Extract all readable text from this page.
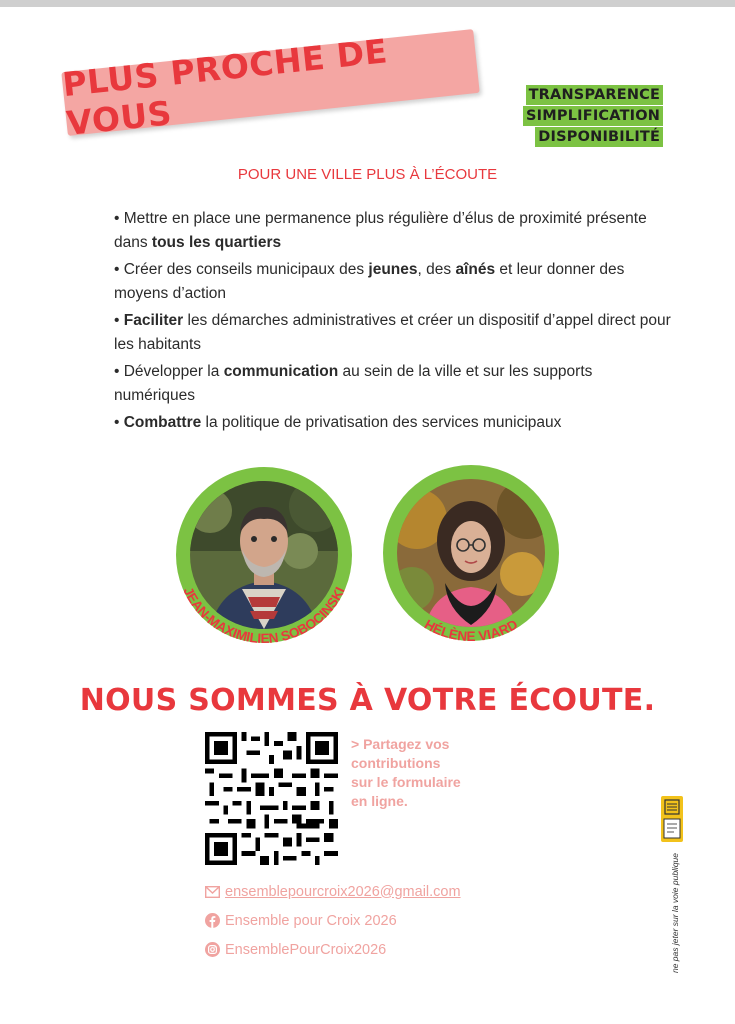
PLUS PROCHE DE VOUS	TRANSPARENCE
SIMPLIFICATION
DISPONIBILITÉ
POUR UNE VILLE PLUS À L’ÉCOUTE
• Mettre en place une permanence plus régulière d’élus de proximité présente dans tous les quartiers
• Créer des conseils municipaux des jeunes, des aînés et leur donner des moyens d’action
• Faciliter les démarches administratives et créer un dispositif d’appel direct pour les habitants
• Développer la communication au sein de la ville et sur les supports numériques
• Combattre la politique de privatisation des services municipaux
JEAN-MAXIMILIEN SOBOCINSKI
HÉLÈNE VIARD
NOUS SOMMES À VOTRE ÉCOUTE.
> Partagez vos
contributions
sur le formulaire
en ligne.
ensemblepourcroix2026@gmail.com
Ensemble pour Croix 2026
EnsemblePourCroix2026	ne pas jeter sur la voie publique
